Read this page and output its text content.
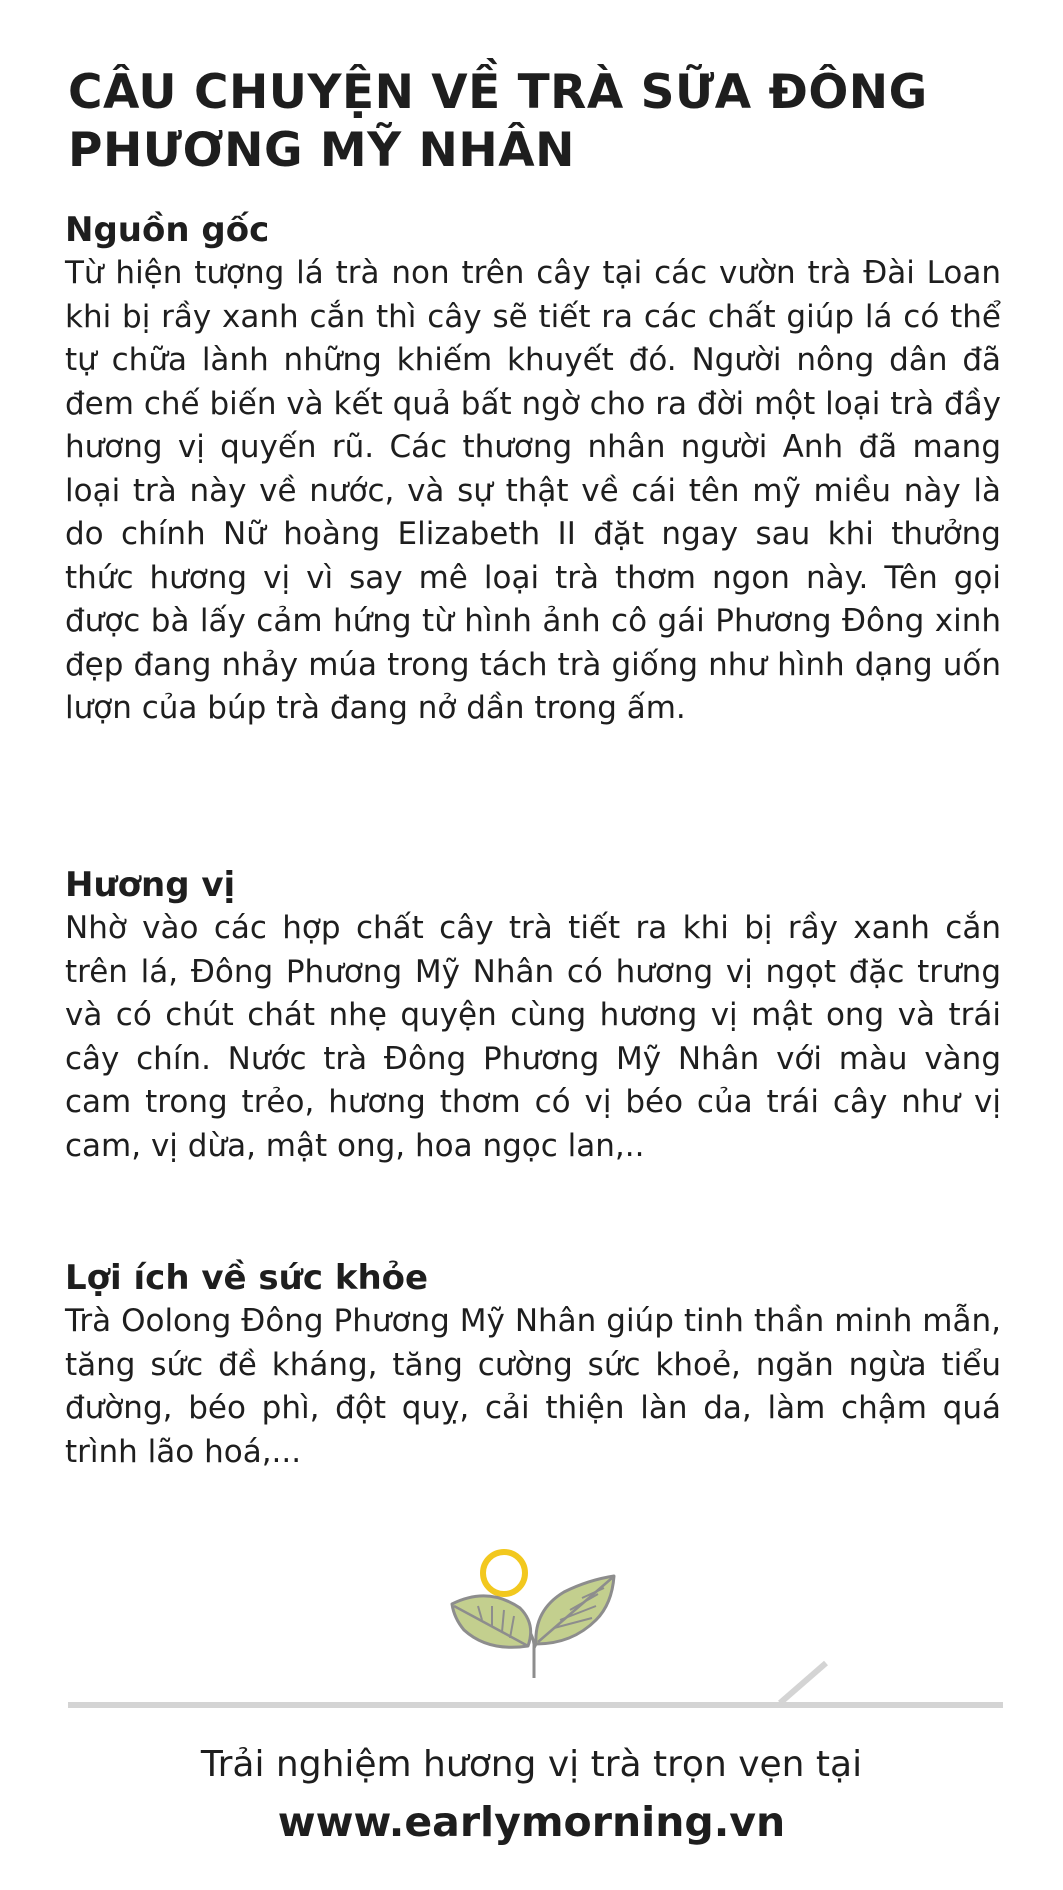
CÂU CHUYỆN VỀ TRÀ SỮA ĐÔNG PHƯƠNG MỸ NHÂN
Nguồn gốc

Từ hiện tượng lá trà non trên cây tại các vườn trà Đài Loan khi bị rầy xanh cắn thì cây sẽ tiết ra các chất giúp lá có thể tự chữa lành những khiếm khuyết đó. Người nông dân đã đem chế biến và kết quả bất ngờ cho ra đời một loại trà đầy hương vị quyến rũ. Các thương nhân người Anh đã mang loại trà này về nước, và sự thật về cái tên mỹ miều này là do chính Nữ hoàng Elizabeth II đặt ngay sau khi thưởng thức hương vị vì say mê loại trà thơm ngon này. Tên gọi được bà lấy cảm hứng từ hình ảnh cô gái Phương Đông xinh đẹp đang nhảy múa trong tách trà giống như hình dạng uốn lượn của búp trà đang nở dần trong ấm.

Hương vị

Nhờ vào các hợp chất cây trà tiết ra khi bị rầy xanh cắn trên lá, Đông Phương Mỹ Nhân có hương vị ngọt đặc trưng và có chút chát nhẹ quyện cùng hương vị mật ong và trái cây chín. Nước trà Đông Phương Mỹ Nhân với màu vàng cam trong trẻo, hương thơm có vị béo của trái cây như vị cam, vị dừa, mật ong, hoa ngọc lan,..

Lợi ích về sức khỏe

Trà Oolong Đông Phương Mỹ Nhân giúp tinh thần minh mẫn, tăng sức đề kháng, tăng cường sức khoẻ, ngăn ngừa tiểu đường, béo phì, đột quỵ, cải thiện làn da, làm chậm quá trình lão hoá,...

Trải nghiệm hương vị trà trọn vẹn tại
www.earlymorning.vn
